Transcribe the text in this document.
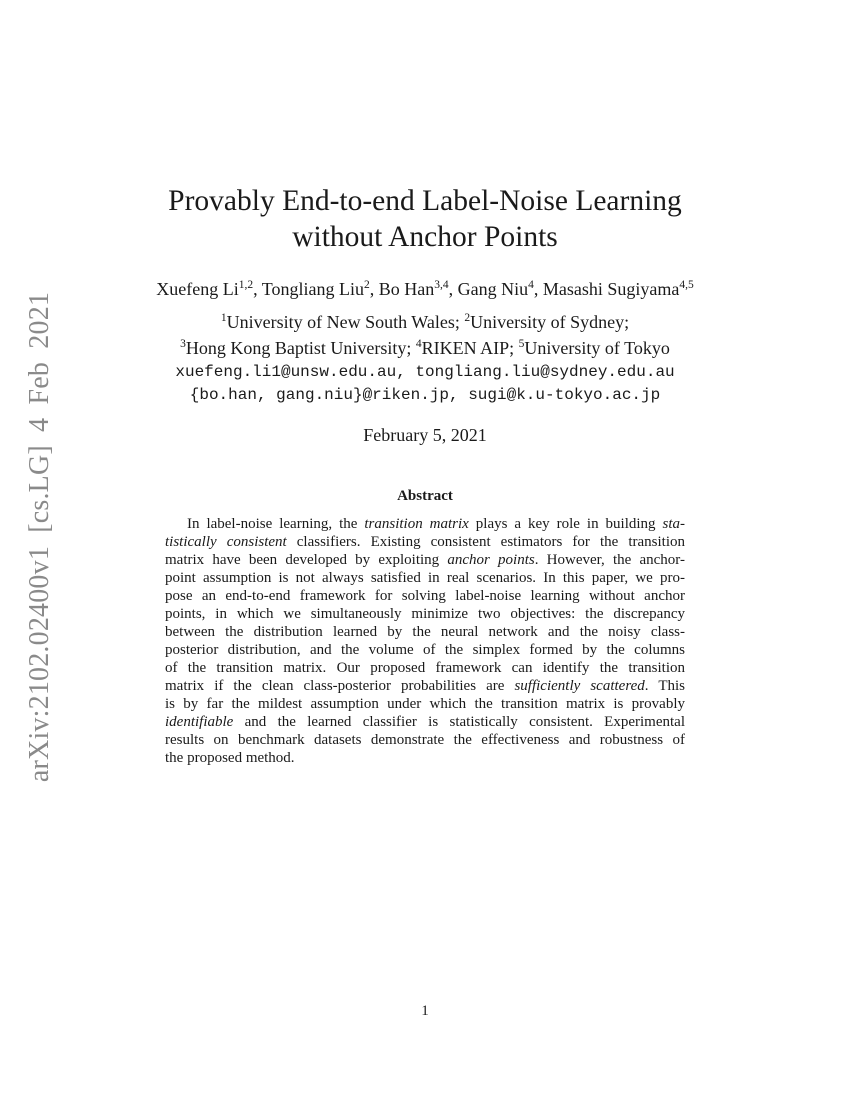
arXiv:2102.02400v1 [cs.LG] 4 Feb 2021
Provably End-to-end Label-Noise Learning
without Anchor Points
Xuefeng Li$^{1,2}$, Tongliang Liu$^2$, Bo Han$^{3,4}$, Gang Niu$^4$, Masashi Sugiyama$^{4,5}$
$^1$University of New South Wales; $^2$University of Sydney;
$^3$Hong Kong Baptist University; $^4$RIKEN AIP; $^5$University of Tokyo
xuefeng.li1@unsw.edu.au, tongliang.liu@sydney.edu.au
{bo.han, gang.niu}@riken.jp, sugi@k.u-tokyo.ac.jp
February 5, 2021
Abstract
In label-noise learning, the transition matrix plays a key role in building sta-
tistically consistent classifiers. Existing consistent estimators for the transition
matrix have been developed by exploiting anchor points. However, the anchor-
point assumption is not always satisfied in real scenarios. In this paper, we pro-
pose an end-to-end framework for solving label-noise learning without anchor
points, in which we simultaneously minimize two objectives: the discrepancy
between the distribution learned by the neural network and the noisy class-
posterior distribution, and the volume of the simplex formed by the columns
of the transition matrix. Our proposed framework can identify the transition
matrix if the clean class-posterior probabilities are sufficiently scattered. This
is by far the mildest assumption under which the transition matrix is provably
identifiable and the learned classifier is statistically consistent. Experimental
results on benchmark datasets demonstrate the effectiveness and robustness of
the proposed method.
1
